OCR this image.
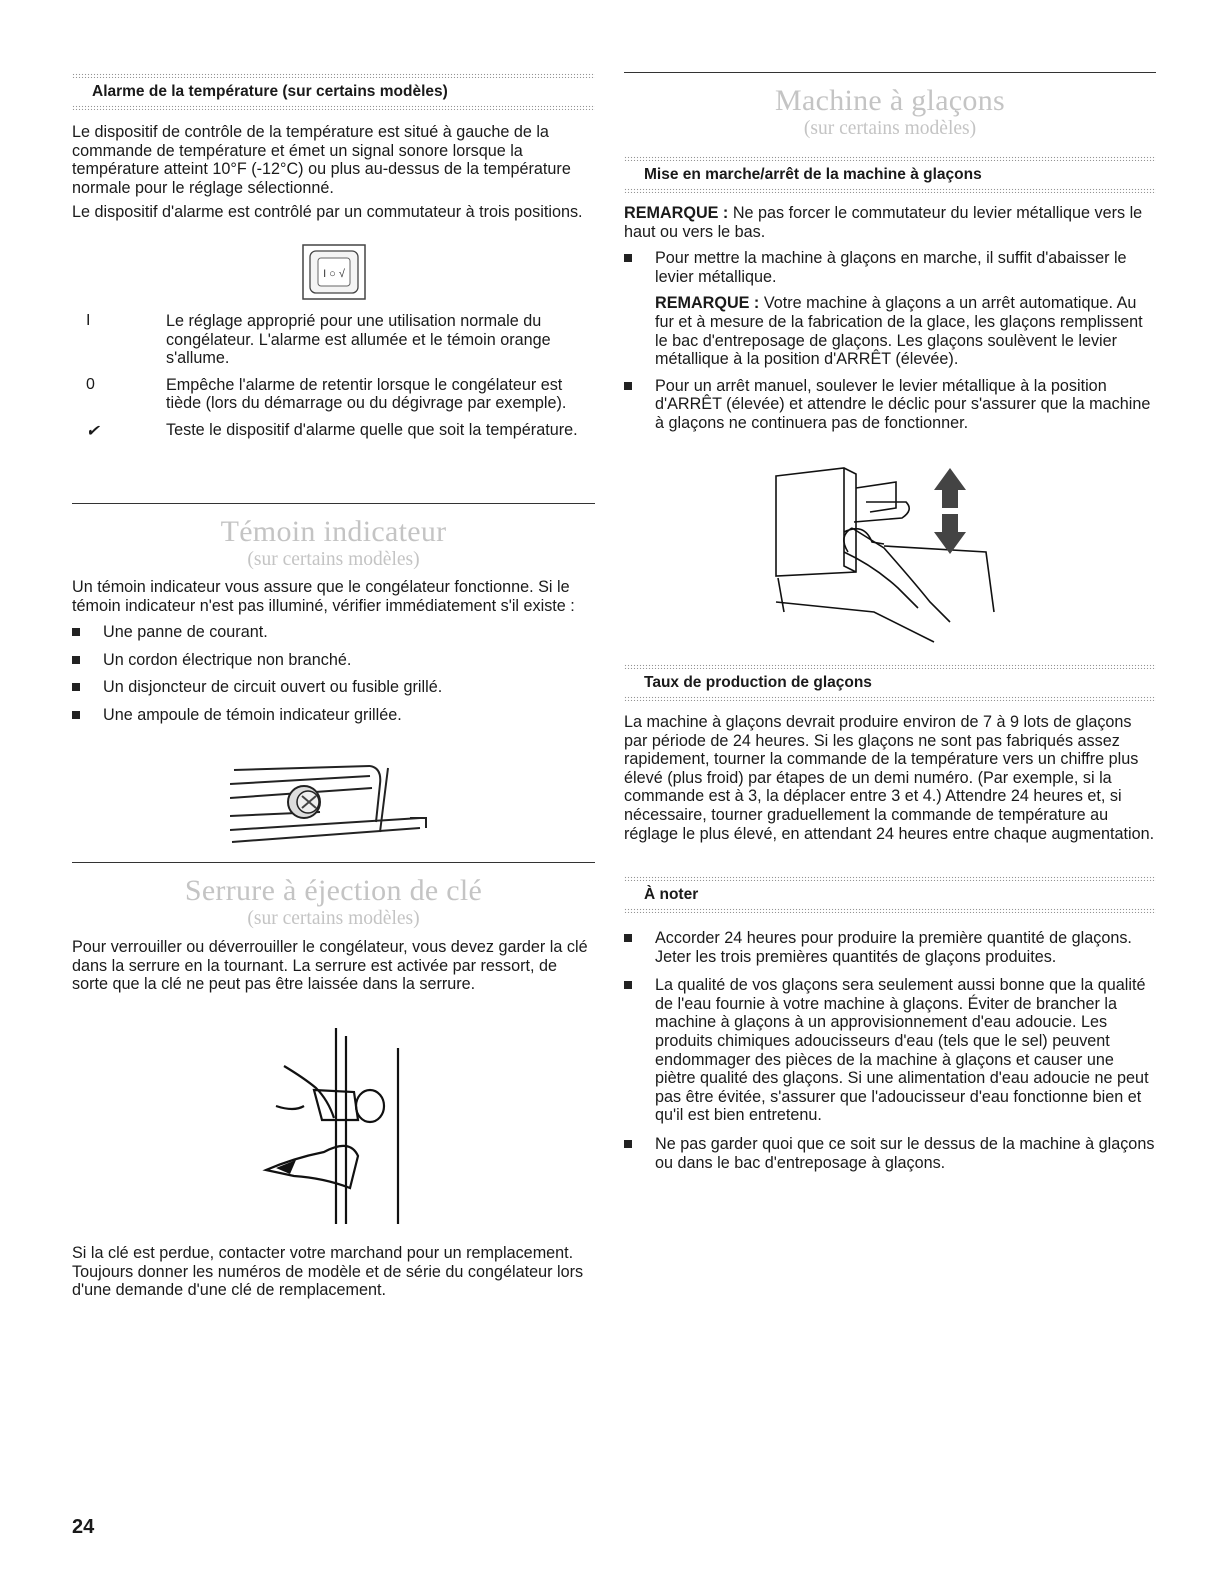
Alarme de la température (sur certains modèles)

Le dispositif de contrôle de la température est situé à gauche de la commande de température et émet un signal sonore lorsque la température atteint 10°F (-12°C) ou plus au-dessus de la température normale pour le réglage sélectionné.

Le dispositif d'alarme est contrôlé par un commutateur à trois positions.

I ○ √
I	Le réglage approprié pour une utilisation normale du congélateur. L'alarme est allumée et le témoin orange s'allume.

0	Empêche l'alarme de retentir lorsque le congélateur est tiède (lors du démarrage ou du dégivrage par exemple).

✔	Teste le dispositif d'alarme quelle que soit la température.

Témoin indicateur
(sur certains modèles)

Un témoin indicateur vous assure que le congélateur fonctionne. Si le témoin indicateur n'est pas illuminé, vérifier immédiatement s'il existe :

Une panne de courant.

Un cordon électrique non branché.

Un disjoncteur de circuit ouvert ou fusible grillé.

Une ampoule de témoin indicateur grillée.

Serrure à éjection de clé
(sur certains modèles)

Pour verrouiller ou déverrouiller le congélateur, vous devez garder la clé dans la serrure en la tournant. La serrure est activée par ressort, de sorte que la clé ne peut pas être laissée dans la serrure.

Si la clé est perdue, contacter votre marchand pour un remplacement. Toujours donner les numéros de modèle et de série du congélateur lors d'une demande d'une clé de remplacement.

24
Machine à glaçons
(sur certains modèles)
Mise en marche/arrêt de la machine à glaçons

REMARQUE : Ne pas forcer le commutateur du levier métallique vers le haut ou vers le bas.

Pour mettre la machine à glaçons en marche, il suffit d'abaisser le levier métallique.

REMARQUE : Votre machine à glaçons a un arrêt automatique. Au fur et à mesure de la fabrication de la glace, les glaçons remplissent le bac d'entreposage de glaçons. Les glaçons soulèvent le levier métallique à la position d'ARRÊT (élevée).

Pour un arrêt manuel, soulever le levier métallique à la position d'ARRÊT (élevée) et attendre le déclic pour s'assurer que la machine à glaçons ne continuera pas de fonctionner.

Taux de production de glaçons

La machine à glaçons devrait produire environ de 7 à 9 lots de glaçons par période de 24 heures. Si les glaçons ne sont pas fabriqués assez rapidement, tourner la commande de la température vers un chiffre plus élevé (plus froid) par étapes de un demi numéro. (Par exemple, si la commande est à 3, la déplacer entre 3 et 4.) Attendre 24 heures et, si nécessaire, tourner graduellement la commande de température au réglage le plus élevé, en attendant 24 heures entre chaque augmentation.

À noter

Accorder 24 heures pour produire la première quantité de glaçons. Jeter les trois premières quantités de glaçons produites.

La qualité de vos glaçons sera seulement aussi bonne que la qualité de l'eau fournie à votre machine à glaçons. Éviter de brancher la machine à glaçons à un approvisionnement d'eau adoucie. Les produits chimiques adoucisseurs d'eau (tels que le sel) peuvent endommager des pièces de la machine à glaçons et causer une piètre qualité des glaçons. Si une alimentation d'eau adoucie ne peut pas être évitée, s'assurer que l'adoucisseur d'eau fonctionne bien et qu'il est bien entretenu.

Ne pas garder quoi que ce soit sur le dessus de la machine à glaçons ou dans le bac d'entreposage à glaçons.
